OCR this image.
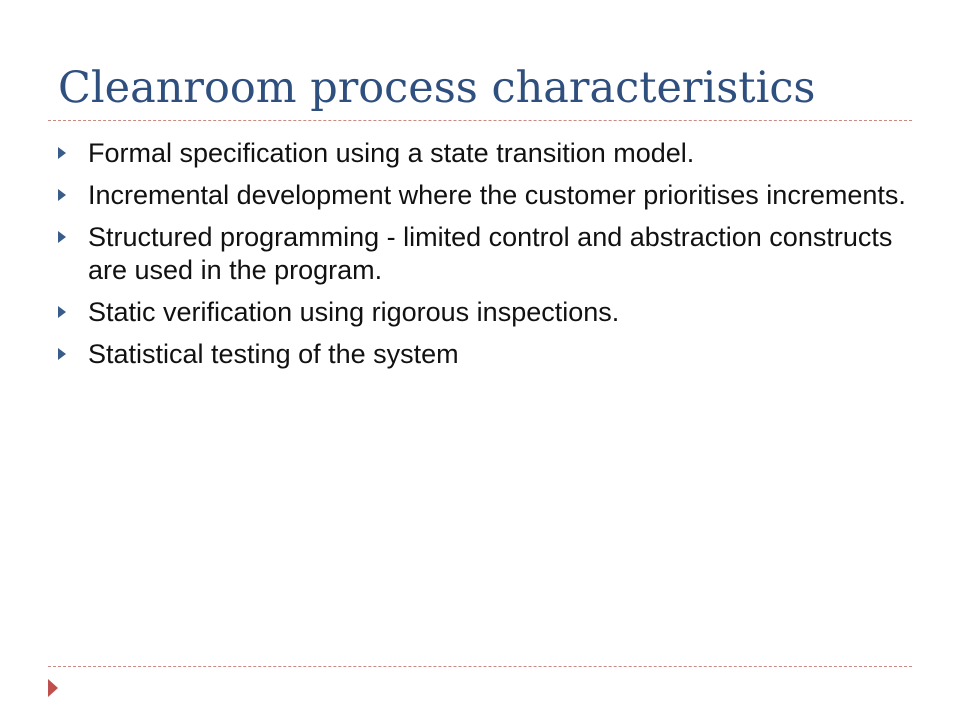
Cleanroom process characteristics
Formal specification using a state transition model.
Incremental development where the customer prioritises increments.
Structured programming - limited control and abstraction constructs are used in the program.
Static verification using rigorous inspections.
Statistical testing of the system
